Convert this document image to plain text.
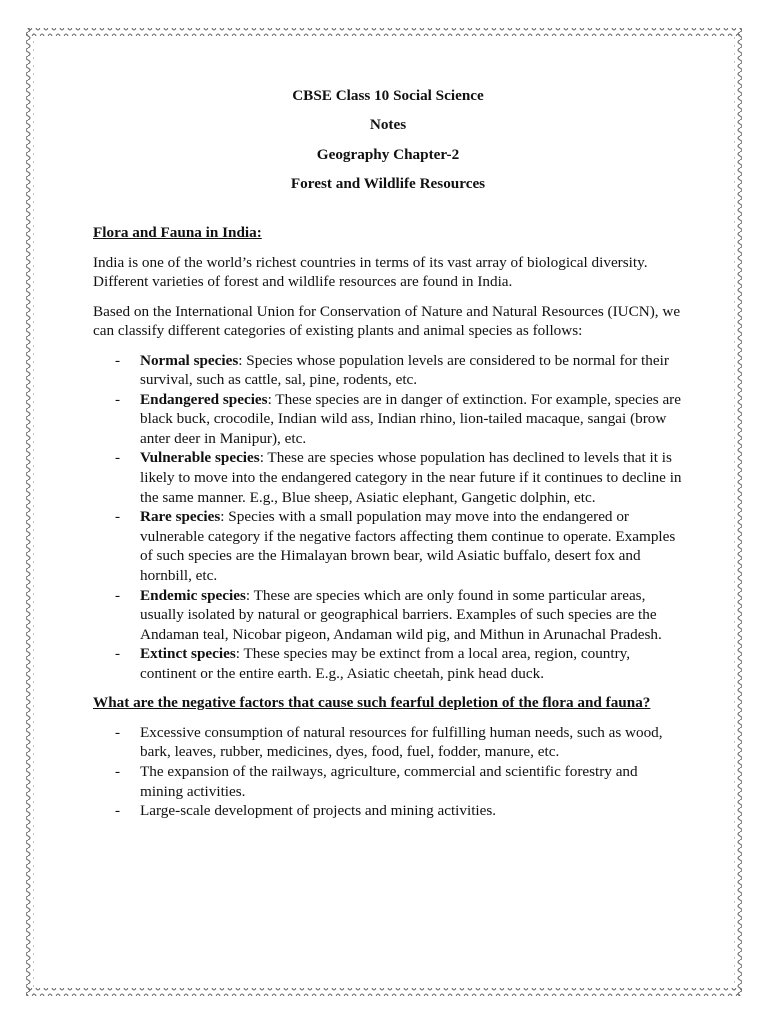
CBSE Class 10 Social Science
Notes
Geography Chapter-2
Forest and Wildlife Resources

Flora and Fauna in India:

India is one of the world’s richest countries in terms of its vast array of biological diversity. Different varieties of forest and wildlife resources are found in India.

Based on the International Union for Conservation of Nature and Natural Resources (IUCN), we can classify different categories of existing plants and animal species as follows:

- Normal species: Species whose population levels are considered to be normal for their survival, such as cattle, sal, pine, rodents, etc.
- Endangered species: These species are in danger of extinction. For example, species are black buck, crocodile, Indian wild ass, Indian rhino, lion-tailed macaque, sangai (brow anter deer in Manipur), etc.
- Vulnerable species: These are species whose population has declined to levels that it is likely to move into the endangered category in the near future if it continues to decline in the same manner. E.g., Blue sheep, Asiatic elephant, Gangetic dolphin, etc.
- Rare species: Species with a small population may move into the endangered or vulnerable category if the negative factors affecting them continue to operate. Examples of such species are the Himalayan brown bear, wild Asiatic buffalo, desert fox and hornbill, etc.
- Endemic species: These are species which are only found in some particular areas, usually isolated by natural or geographical barriers. Examples of such species are the Andaman teal, Nicobar pigeon, Andaman wild pig, and Mithun in Arunachal Pradesh.
- Extinct species: These species may be extinct from a local area, region, country, continent or the entire earth. E.g., Asiatic cheetah, pink head duck.

What are the negative factors that cause such fearful depletion of the flora and fauna?

- Excessive consumption of natural resources for fulfilling human needs, such as wood, bark, leaves, rubber, medicines, dyes, food, fuel, fodder, manure, etc.
- The expansion of the railways, agriculture, commercial and scientific forestry and mining activities.
- Large-scale development of projects and mining activities.
